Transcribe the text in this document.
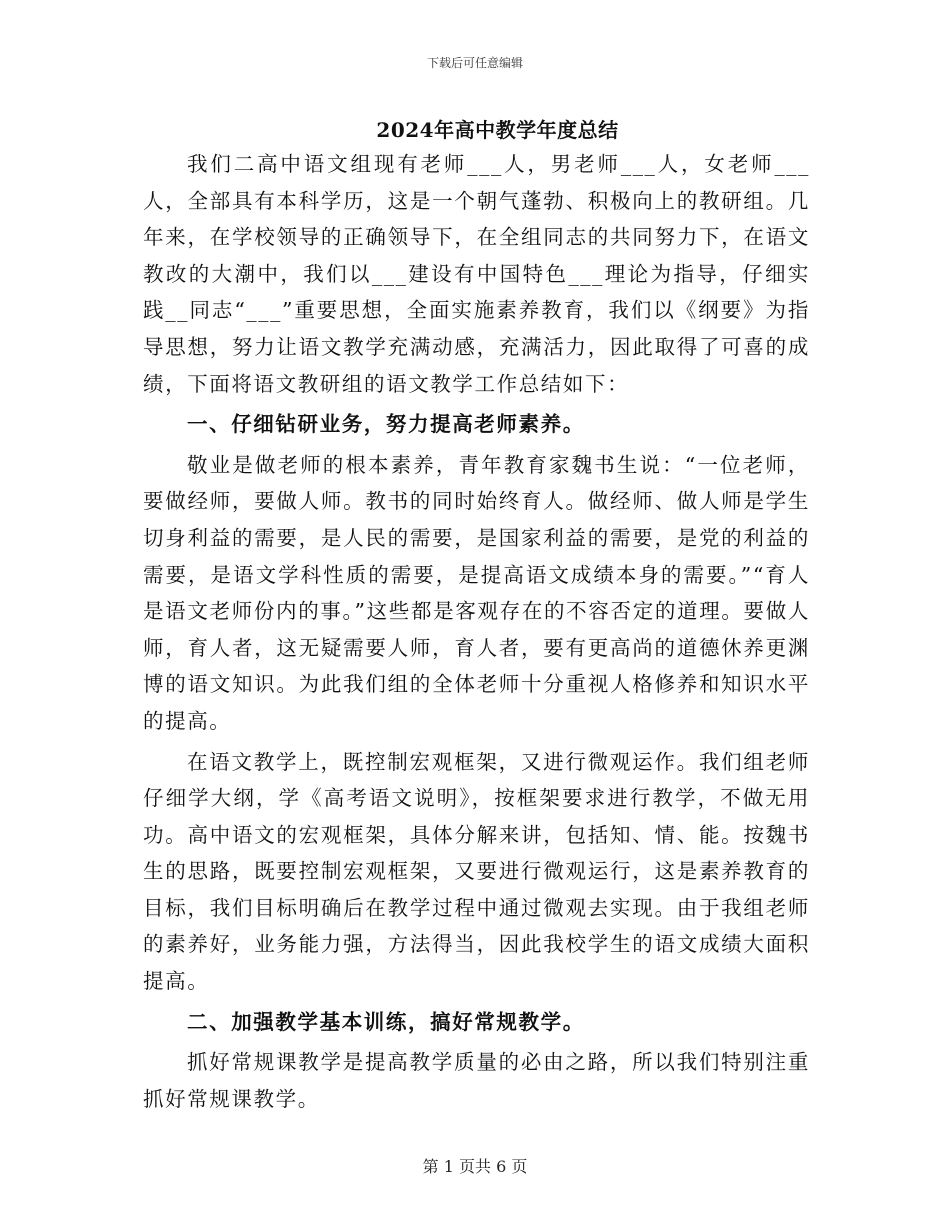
下载后可任意编辑
2024年高中教学年度总结

我们二高中语文组现有老师___人，男老师___人，女老师___人，全部具有本科学历，这是一个朝气蓬勃、积极向上的教研组。几年来，在学校领导的正确领导下，在全组同志的共同努力下，在语文教改的大潮中，我们以___建设有中国特色___理论为指导，仔细实践__同志“___”重要思想，全面实施素养教育，我们以《纲要》为指导思想，努力让语文教学充满动感，充满活力，因此取得了可喜的成绩，下面将语文教研组的语文教学工作总结如下：

一、仔细钻研业务，努力提高老师素养。

敬业是做老师的根本素养，青年教育家魏书生说：“一位老师，要做经师，要做人师。教书的同时始终育人。做经师、做人师是学生切身利益的需要，是人民的需要，是国家利益的需要，是党的利益的需要，是语文学科性质的需要，是提高语文成绩本身的需要。”“育人是语文老师份内的事。”这些都是客观存在的不容否定的道理。要做人师，育人者，这无疑需要人师，育人者，要有更高尚的道德休养更渊博的语文知识。为此我们组的全体老师十分重视人格修养和知识水平的提高。

在语文教学上，既控制宏观框架，又进行微观运作。我们组老师仔细学大纲，学《高考语文说明》，按框架要求进行教学，不做无用功。高中语文的宏观框架，具体分解来讲，包括知、情、能。按魏书生的思路，既要控制宏观框架，又要进行微观运行，这是素养教育的目标，我们目标明确后在教学过程中通过微观去实现。由于我组老师的素养好，业务能力强，方法得当，因此我校学生的语文成绩大面积提高。

二、加强教学基本训练，搞好常规教学。

抓好常规课教学是提高教学质量的必由之路，所以我们特别注重抓好常规课教学。

第 1 页共 6 页
